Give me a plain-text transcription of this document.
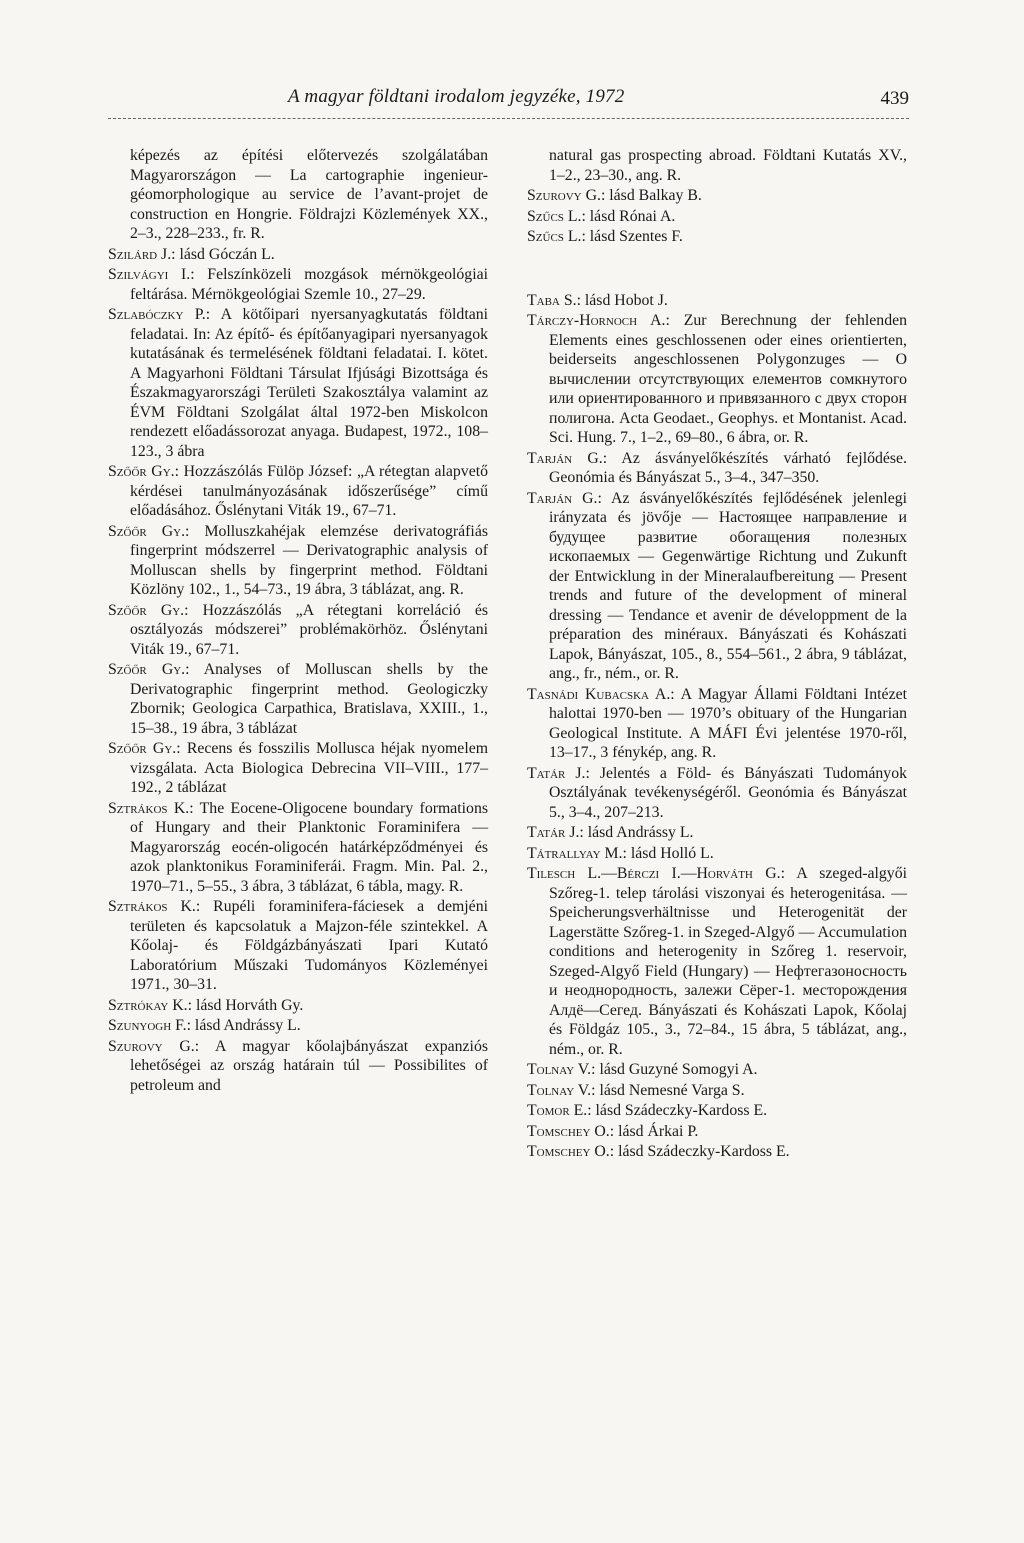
A magyar földtani irodalom jegyzéke, 1972	439

képezés az építési előtervezés szolgálatában Magyarországon — La cartographie ingenieur-géomorphologique au service de l’avant-projet de construction en Hongrie. Földrajzi Közlemények XX., 2–3., 228–233., fr. R.

Szilárd J.: lásd Góczán L.

Szilvágyi I.: Felszínközeli mozgások mérnökgeológiai feltárása. Mérnökgeológiai Szemle 10., 27–29.

Szlabóczky P.: A kötőipari nyersanyagkutatás földtani feladatai. In: Az építő- és építőanyagipari nyersanyagok kutatásának és termelésének földtani feladatai. I. kötet. A Magyarhoni Földtani Társulat Ifjúsági Bizottsága és Északmagyarországi Területi Szakosztálya valamint az ÉVM Földtani Szolgálat által 1972-ben Miskolcon rendezett előadássorozat anyaga. Budapest, 1972., 108–123., 3 ábra

Szőőr Gy.: Hozzászólás Fülöp József: „A rétegtan alapvető kérdései tanulmányozásának időszerűsége” című előadásához. Őslénytani Viták 19., 67–71.

Szőőr Gy.: Molluszkahéjak elemzése derivatográfiás fingerprint módszerrel — Derivatographic analysis of Molluscan shells by fingerprint method. Földtani Közlöny 102., 1., 54–73., 19 ábra, 3 táblázat, ang. R.

Szőőr Gy.: Hozzászólás „A rétegtani korreláció és osztályozás módszerei” problémakörhöz. Őslénytani Viták 19., 67–71.

Szőőr Gy.: Analyses of Molluscan shells by the Derivatographic fingerprint method. Geologiczky Zbornik; Geologica Carpathica, Bratislava, XXIII., 1., 15–38., 19 ábra, 3 táblázat

Szőőr Gy.: Recens és fosszilis Mollusca héjak nyomelem vizsgálata. Acta Biologica Debrecina VII–VIII., 177–192., 2 táblázat

Sztrákos K.: The Eocene-Oligocene boundary formations of Hungary and their Planktonic Foraminifera — Magyarország eocén-oligocén határképződményei és azok planktonikus Foraminiferái. Fragm. Min. Pal. 2., 1970–71., 5–55., 3 ábra, 3 táblázat, 6 tábla, magy. R.

Sztrákos K.: Rupéli foraminifera-fáciesek a demjéni területen és kapcsolatuk a Majzon-féle szintekkel. A Kőolaj- és Földgázbányászati Ipari Kutató Laboratórium Műszaki Tudományos Közleményei 1971., 30–31.

Sztrókay K.: lásd Horváth Gy.

Szunyogh F.: lásd Andrássy L.

Szurovy G.: A magyar kőolajbányászat expanziós lehetőségei az ország határain túl — Possibilites of petroleum and

natural gas prospecting abroad. Földtani Kutatás XV., 1–2., 23–30., ang. R.

Szurovy G.: lásd Balkay B.

Szűcs L.: lásd Rónai A.

Szűcs L.: lásd Szentes F.

Taba S.: lásd Hobot J.

Tárczy-Hornoch A.: Zur Berechnung der fehlenden Elements eines geschlossenen oder eines orientierten, beiderseits angeschlossenen Polygonzuges — О вычислении отсутствующих елементов сомкнутого или ориентированного и привязанного с двух сторон полигона. Acta Geodaet., Geophys. et Montanist. Acad. Sci. Hung. 7., 1–2., 69–80., 6 ábra, or. R.

Tarján G.: Az ásványelőkészítés várható fejlődése. Geonómia és Bányászat 5., 3–4., 347–350.

Tarján G.: Az ásványelőkészítés fejlődésének jelenlegi irányzata és jövője — Настоящее направление и будущее развитие обогащения полезных ископаемых — Gegenwärtige Richtung und Zukunft der Entwicklung in der Mineralaufbereitung — Present trends and future of the development of mineral dressing — Tendance et avenir de développment de la préparation des minéraux. Bányászati és Kohászati Lapok, Bányászat, 105., 8., 554–561., 2 ábra, 9 táblázat, ang., fr., ném., or. R.

Tasnádi Kubacska A.: A Magyar Állami Földtani Intézet halottai 1970-ben — 1970’s obituary of the Hungarian Geological Institute. A MÁFI Évi jelentése 1970-ről, 13–17., 3 fénykép, ang. R.

Tatár J.: Jelentés a Föld- és Bányászati Tudományok Osztályának tevékenységéről. Geonómia és Bányászat 5., 3–4., 207–213.

Tatár J.: lásd Andrássy L.

Tátrallyay M.: lásd Holló L.

Tilesch L.—Bérczi I.—Horváth G.: A szeged-algyői Szőreg-1. telep tárolási viszonyai és heterogenitása. — Speicherungsverhältnisse und Heterogenität der Lagerstätte Szőreg-1. in Szeged-Algyő — Accumulation conditions and heterogenity in Szőreg 1. reservoir, Szeged-Algyő Field (Hungary) — Нефтегазоносность и неоднородность, залежи Сёрег-1. месторождения Алдё—Сегед. Bányászati és Kohászati Lapok, Kőolaj és Földgáz 105., 3., 72–84., 15 ábra, 5 táblázat, ang., ném., or. R.

Tolnay V.: lásd Guzyné Somogyi A.

Tolnay V.: lásd Nemesné Varga S.

Tomor E.: lásd Szádeczky-Kardoss E.

Tomschey O.: lásd Árkai P.

Tomschey O.: lásd Szádeczky-Kardoss E.
